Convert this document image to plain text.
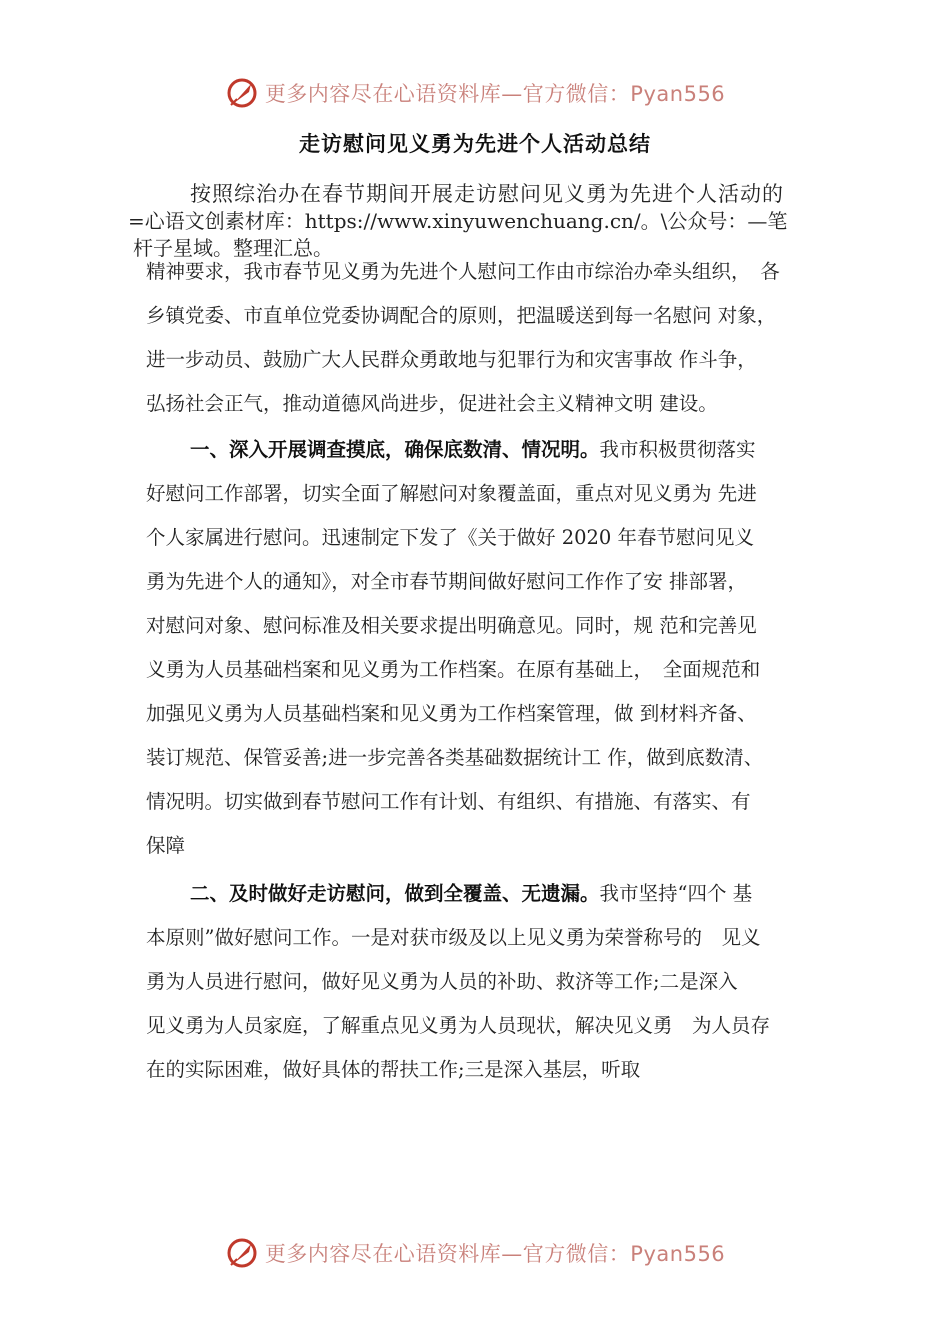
更多内容尽在心语资料库—官方微信：Pyan556
走访慰问见义勇为先进个人活动总结
按照综治办在春节期间开展走访慰问见义勇为先进个人活动的
=心语文创素材库：https://www.xinyuwenchuang.cn/。\公众号：—笔
杆子星域。整理汇总。
精神要求，我市春节见义勇为先进个人慰问工作由市综治办牵头组织，　各
乡镇党委、市直单位党委协调配合的原则，把温暖送到每一名慰问 对象，
进一步动员、鼓励广大人民群众勇敢地与犯罪行为和灾害事故 作斗争，
弘扬社会正气，推动道德风尚进步，促进社会主义精神文明 建设。
一、深入开展调查摸底，确保底数清、情况明。我市积极贯彻落实
好慰问工作部署，切实全面了解慰问对象覆盖面，重点对见义勇为 先进
个人家属进行慰问。迅速制定下发了《关于做好 2020 年春节慰问见义
勇为先进个人的通知》，对全市春节期间做好慰问工作作了安 排部署，
对慰问对象、慰问标准及相关要求提出明确意见。同时，规 范和完善见
义勇为人员基础档案和见义勇为工作档案。在原有基础上，　全面规范和
加强见义勇为人员基础档案和见义勇为工作档案管理，做 到材料齐备、
装订规范、保管妥善;进一步完善各类基础数据统计工 作，做到底数清、
情况明。切实做到春节慰问工作有计划、有组织、有措施、有落实、有
保障
二、及时做好走访慰问，做到全覆盖、无遗漏。我市坚持“四个 基
本原则”做好慰问工作。一是对获市级及以上见义勇为荣誉称号的　见义
勇为人员进行慰问，做好见义勇为人员的补助、救济等工作;二是深入
见义勇为人员家庭，了解重点见义勇为人员现状，解决见义勇　为人员存
在的实际困难，做好具体的帮扶工作;三是深入基层，听取
更多内容尽在心语资料库—官方微信：Pyan556
